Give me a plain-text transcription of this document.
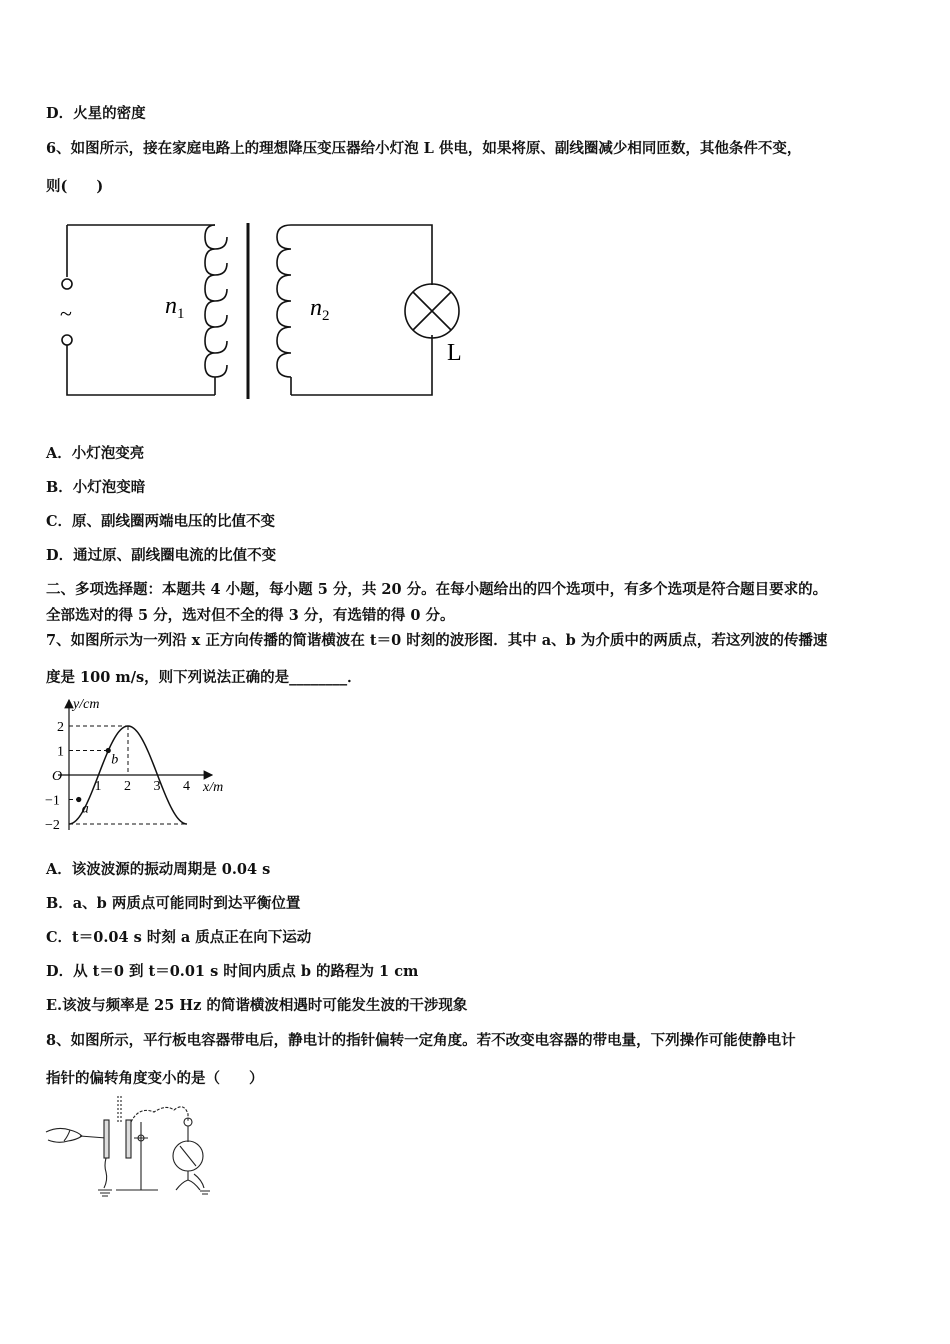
D．火星的密度
6、如图所示，接在家庭电路上的理想降压变压器给小灯泡 L 供电，如果将原、副线圈减少相同匝数，其他条件不变，
则(　　)
~	$n_1$	$n_2$
L
A．小灯泡变亮
B．小灯泡变暗
C．原、副线圈两端电压的比值不变
D．通过原、副线圈电流的比值不变
二、多项选择题：本题共 4 小题，每小题 5 分，共 20 分。在每小题给出的四个选项中，有多个选项是符合题目要求的。
全部选对的得 5 分，选对但不全的得 3 分，有选错的得 0 分。
7、如图所示为一列沿 x 正方向传播的简谐横波在 t＝0 时刻的波形图．其中 a、b 为介质中的两质点，若这列波的传播速
度是 100 m/s，则下列说法正确的是________．
y/cm
x/m
O
1 2 3 4
2
1
−1
−2
a
b
A．该波波源的振动周期是 0.04 s
B．a、b 两质点可能同时到达平衡位置
C．t＝0.04 s 时刻 a 质点正在向下运动
D．从 t＝0 到 t＝0.01 s 时间内质点 b 的路程为 1 cm
E.该波与频率是 25 Hz 的简谐横波相遇时可能发生波的干涉现象
8、如图所示，平行板电容器带电后，静电计的指针偏转一定角度。若不改变电容器的带电量，下列操作可能使静电计
指针的偏转角度变小的是（　　）
